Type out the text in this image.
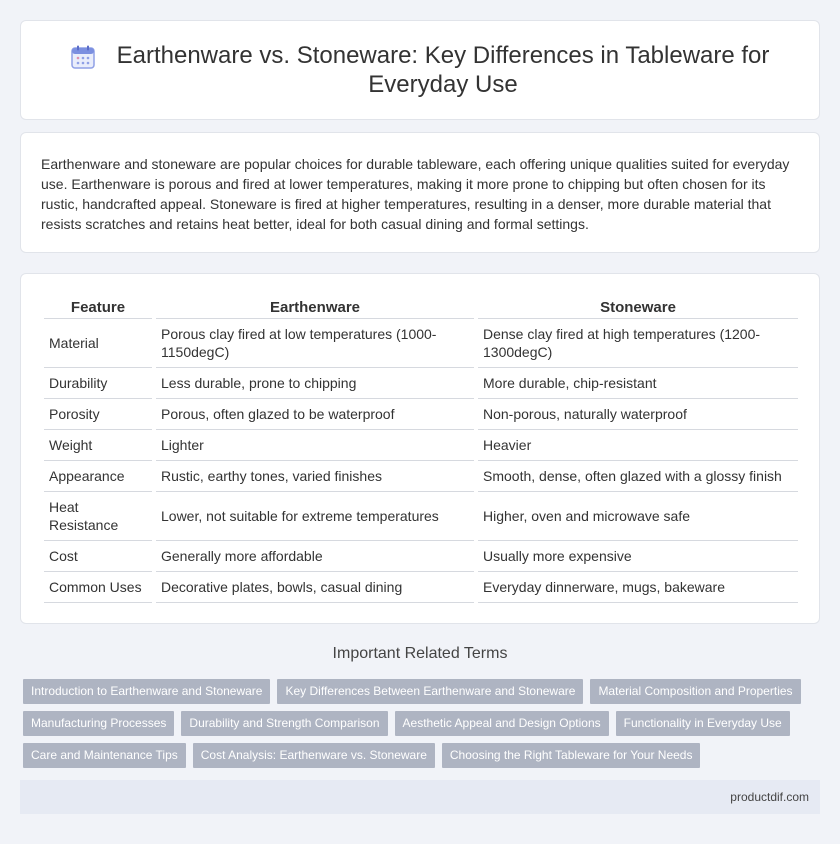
Earthenware vs. Stoneware: Key Differences in Tableware for Everyday Use

Earthenware and stoneware are popular choices for durable tableware, each offering unique qualities suited for everyday use. Earthenware is porous and fired at lower temperatures, making it more prone to chipping but often chosen for its rustic, handcrafted appeal. Stoneware is fired at higher temperatures, resulting in a denser, more durable material that resists scratches and retains heat better, ideal for both casual dining and formal settings.

Feature	Earthenware	Stoneware
Material	Porous clay fired at low temperatures (1000-1150degC)	Dense clay fired at high temperatures (1200-1300degC)
Durability	Less durable, prone to chipping	More durable, chip-resistant
Porosity	Porous, often glazed to be waterproof	Non-porous, naturally waterproof
Weight	Lighter	Heavier
Appearance	Rustic, earthy tones, varied finishes	Smooth, dense, often glazed with a glossy finish
Heat Resistance	Lower, not suitable for extreme temperatures	Higher, oven and microwave safe
Cost	Generally more affordable	Usually more expensive
Common Uses	Decorative plates, bowls, casual dining	Everyday dinnerware, mugs, bakeware
Important Related Terms
Introduction to Earthenware and Stoneware	Key Differences Between Earthenware and Stoneware	Material Composition and Properties
Manufacturing Processes	Durability and Strength Comparison	Aesthetic Appeal and Design Options	Functionality in Everyday Use
Care and Maintenance Tips	Cost Analysis: Earthenware vs. Stoneware	Choosing the Right Tableware for Your Needs
productdif.com
